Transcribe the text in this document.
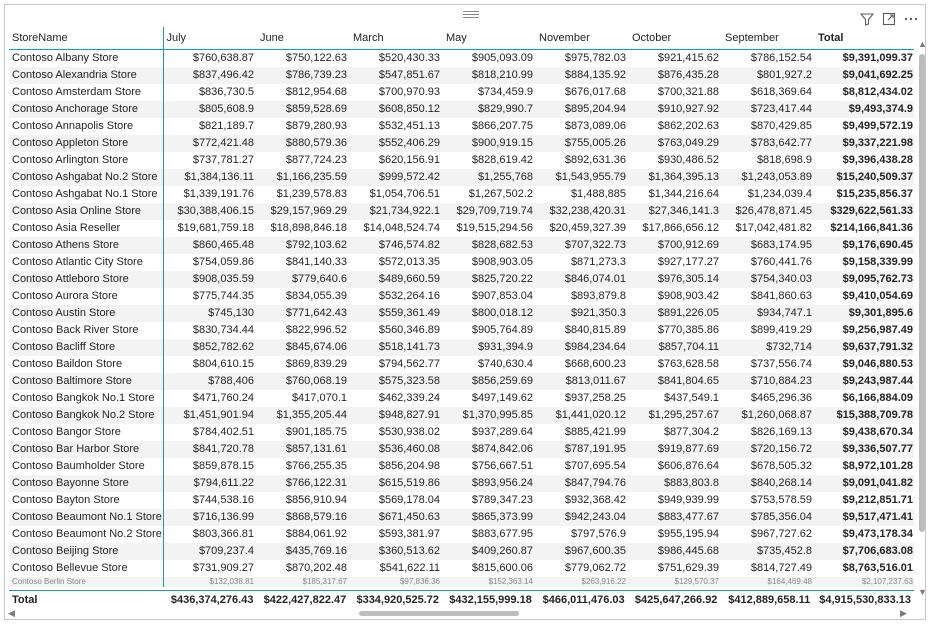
StoreName	July	June	March	May	November	October	September	Total
Contoso Albany Store	$760,638.87	$750,122.63	$520,430.33	$905,093.09	$975,782.03	$921,415.62	$786,152.54	$9,391,099.37
Contoso Alexandria Store	$837,496.42	$786,739.23	$547,851.67	$818,210.99	$884,135.92	$876,435.28	$801,927.2	$9,041,692.25
Contoso Amsterdam Store	$836,730.5	$812,954.68	$700,970.93	$734,459.9	$676,017.68	$700,321.88	$618,369.64	$8,812,434.02
Contoso Anchorage Store	$805,608.9	$859,528.69	$608,850.12	$829,990.7	$895,204.94	$910,927.92	$723,417.44	$9,493,374.9
Contoso Annapolis Store	$821,189.7	$879,280.93	$532,451.13	$866,207.75	$873,089.06	$862,202.63	$870,429.85	$9,499,572.19
Contoso Appleton Store	$772,421.48	$880,579.36	$552,406.29	$900,919.15	$755,005.26	$763,049.29	$783,642.77	$9,337,221.98
Contoso Arlington Store	$737,781.27	$877,724.23	$620,156.91	$828,619.42	$892,631.36	$930,486.52	$818,698.9	$9,396,438.28
Contoso Ashgabat No.2 Store	$1,384,136.11	$1,166,235.59	$999,572.42	$1,255,768	$1,543,955.79	$1,364,395.13	$1,243,053.89	$15,240,509.37
Contoso Ashgabat No.1 Store	$1,339,191.76	$1,239,578.83	$1,054,706.51	$1,267,502.2	$1,488,885	$1,344,216.64	$1,234,039.4	$15,235,856.37
Contoso Asia Online Store	$30,388,406.15	$29,157,969.29	$21,734,922.1	$29,709,719.74	$32,238,420.31	$27,346,141.3	$26,478,871.45	$329,622,561.33
Contoso Asia Reseller	$19,681,759.18	$18,898,846.18	$14,048,524.74	$19,515,294.56	$20,459,327.39	$17,866,656.12	$17,042,481.82	$214,166,841.36
Contoso Athens Store	$860,465.48	$792,103.62	$746,574.82	$828,682.53	$707,322.73	$700,912.69	$683,174.95	$9,176,690.45
Contoso Atlantic City Store	$754,059.86	$841,140.33	$572,013.35	$908,903.05	$871,273.3	$927,177.27	$760,441.76	$9,158,339.99
Contoso Attleboro Store	$908,035.59	$779,640.6	$489,660.59	$825,720.22	$846,074.01	$976,305.14	$754,340.03	$9,095,762.73
Contoso Aurora Store	$775,744.35	$834,055.39	$532,264.16	$907,853.04	$893,879.8	$908,903.42	$841,860.63	$9,410,054.69
Contoso Austin Store	$745,130	$771,642.43	$559,361.49	$800,018.12	$921,350.3	$891,226.05	$934,747.1	$9,301,895.6
Contoso Back River Store	$830,734.44	$822,996.52	$560,346.89	$905,764.89	$840,815.89	$770,385.86	$899,419.29	$9,256,987.49
Contoso Bacliff Store	$852,782.62	$845,674.06	$518,141.73	$931,394.9	$984,234.64	$857,704.11	$732,714	$9,637,791.32
Contoso Baildon Store	$804,610.15	$869,839.29	$794,562.77	$740,630.4	$668,600.23	$763,628.58	$737,556.74	$9,046,880.53
Contoso Baltimore Store	$788,406	$760,068.19	$575,323.58	$856,259.69	$813,011.67	$841,804.65	$710,884.23	$9,243,987.44
Contoso Bangkok No.1 Store	$471,760.24	$417,070.1	$462,339.24	$497,149.62	$937,258.25	$437,549.1	$465,296.36	$6,166,884.09
Contoso Bangkok No.2 Store	$1,451,901.94	$1,355,205.44	$948,827.91	$1,370,995.85	$1,441,020.12	$1,295,257.67	$1,260,068.87	$15,388,709.78
Contoso Bangor Store	$784,402.51	$901,185.75	$530,938.02	$937,289.64	$885,421.99	$877,304.2	$826,169.13	$9,438,670.34
Contoso Bar Harbor Store	$841,720.78	$857,131.61	$536,460.08	$874,842.06	$787,191.95	$919,877.69	$720,156.72	$9,336,507.77
Contoso Baumholder Store	$859,878.15	$766,255.35	$856,204.98	$756,667.51	$707,695.54	$606,876.64	$678,505.32	$8,972,101.28
Contoso Bayonne Store	$794,611.22	$766,122.31	$615,519.86	$893,956.24	$847,794.76	$883,803.8	$840,268.14	$9,091,041.82
Contoso Bayton Store	$744,538.16	$856,910.94	$569,178.04	$789,347.23	$932,368.42	$949,939.99	$753,578.59	$9,212,851.71
Contoso Beaumont No.1 Store	$716,136.99	$868,579.16	$671,450.63	$865,373.99	$942,243.04	$883,477.67	$785,356.04	$9,517,471.41
Contoso Beaumont No.2 Store	$803,366.81	$884,061.92	$593,381.97	$883,677.95	$797,576.9	$955,195.94	$967,727.62	$9,473,178.34
Contoso Beijing Store	$709,237.4	$435,769.16	$360,513.62	$409,260.87	$967,600.35	$986,445.68	$735,452.8	$7,706,683.08
Contoso Bellevue Store	$731,909.27	$870,202.48	$541,622.11	$815,600.06	$779,062.72	$751,629.39	$814,727.49	$8,763,516.01
Contoso Berlin Store	$132,038.81	$185,317.67	$97,836.36	$152,363.14	$263,916.22	$129,570.37	$164,469.48	$2,107,237.63
Total	$436,374,276.43 $422,427,822.47 $334,920,525.72 $432,155,999.18 $466,011,476.03 $425,647,266.92 $412,889,658.11 $4,915,530,833.13
▲
▼
◀	▶
